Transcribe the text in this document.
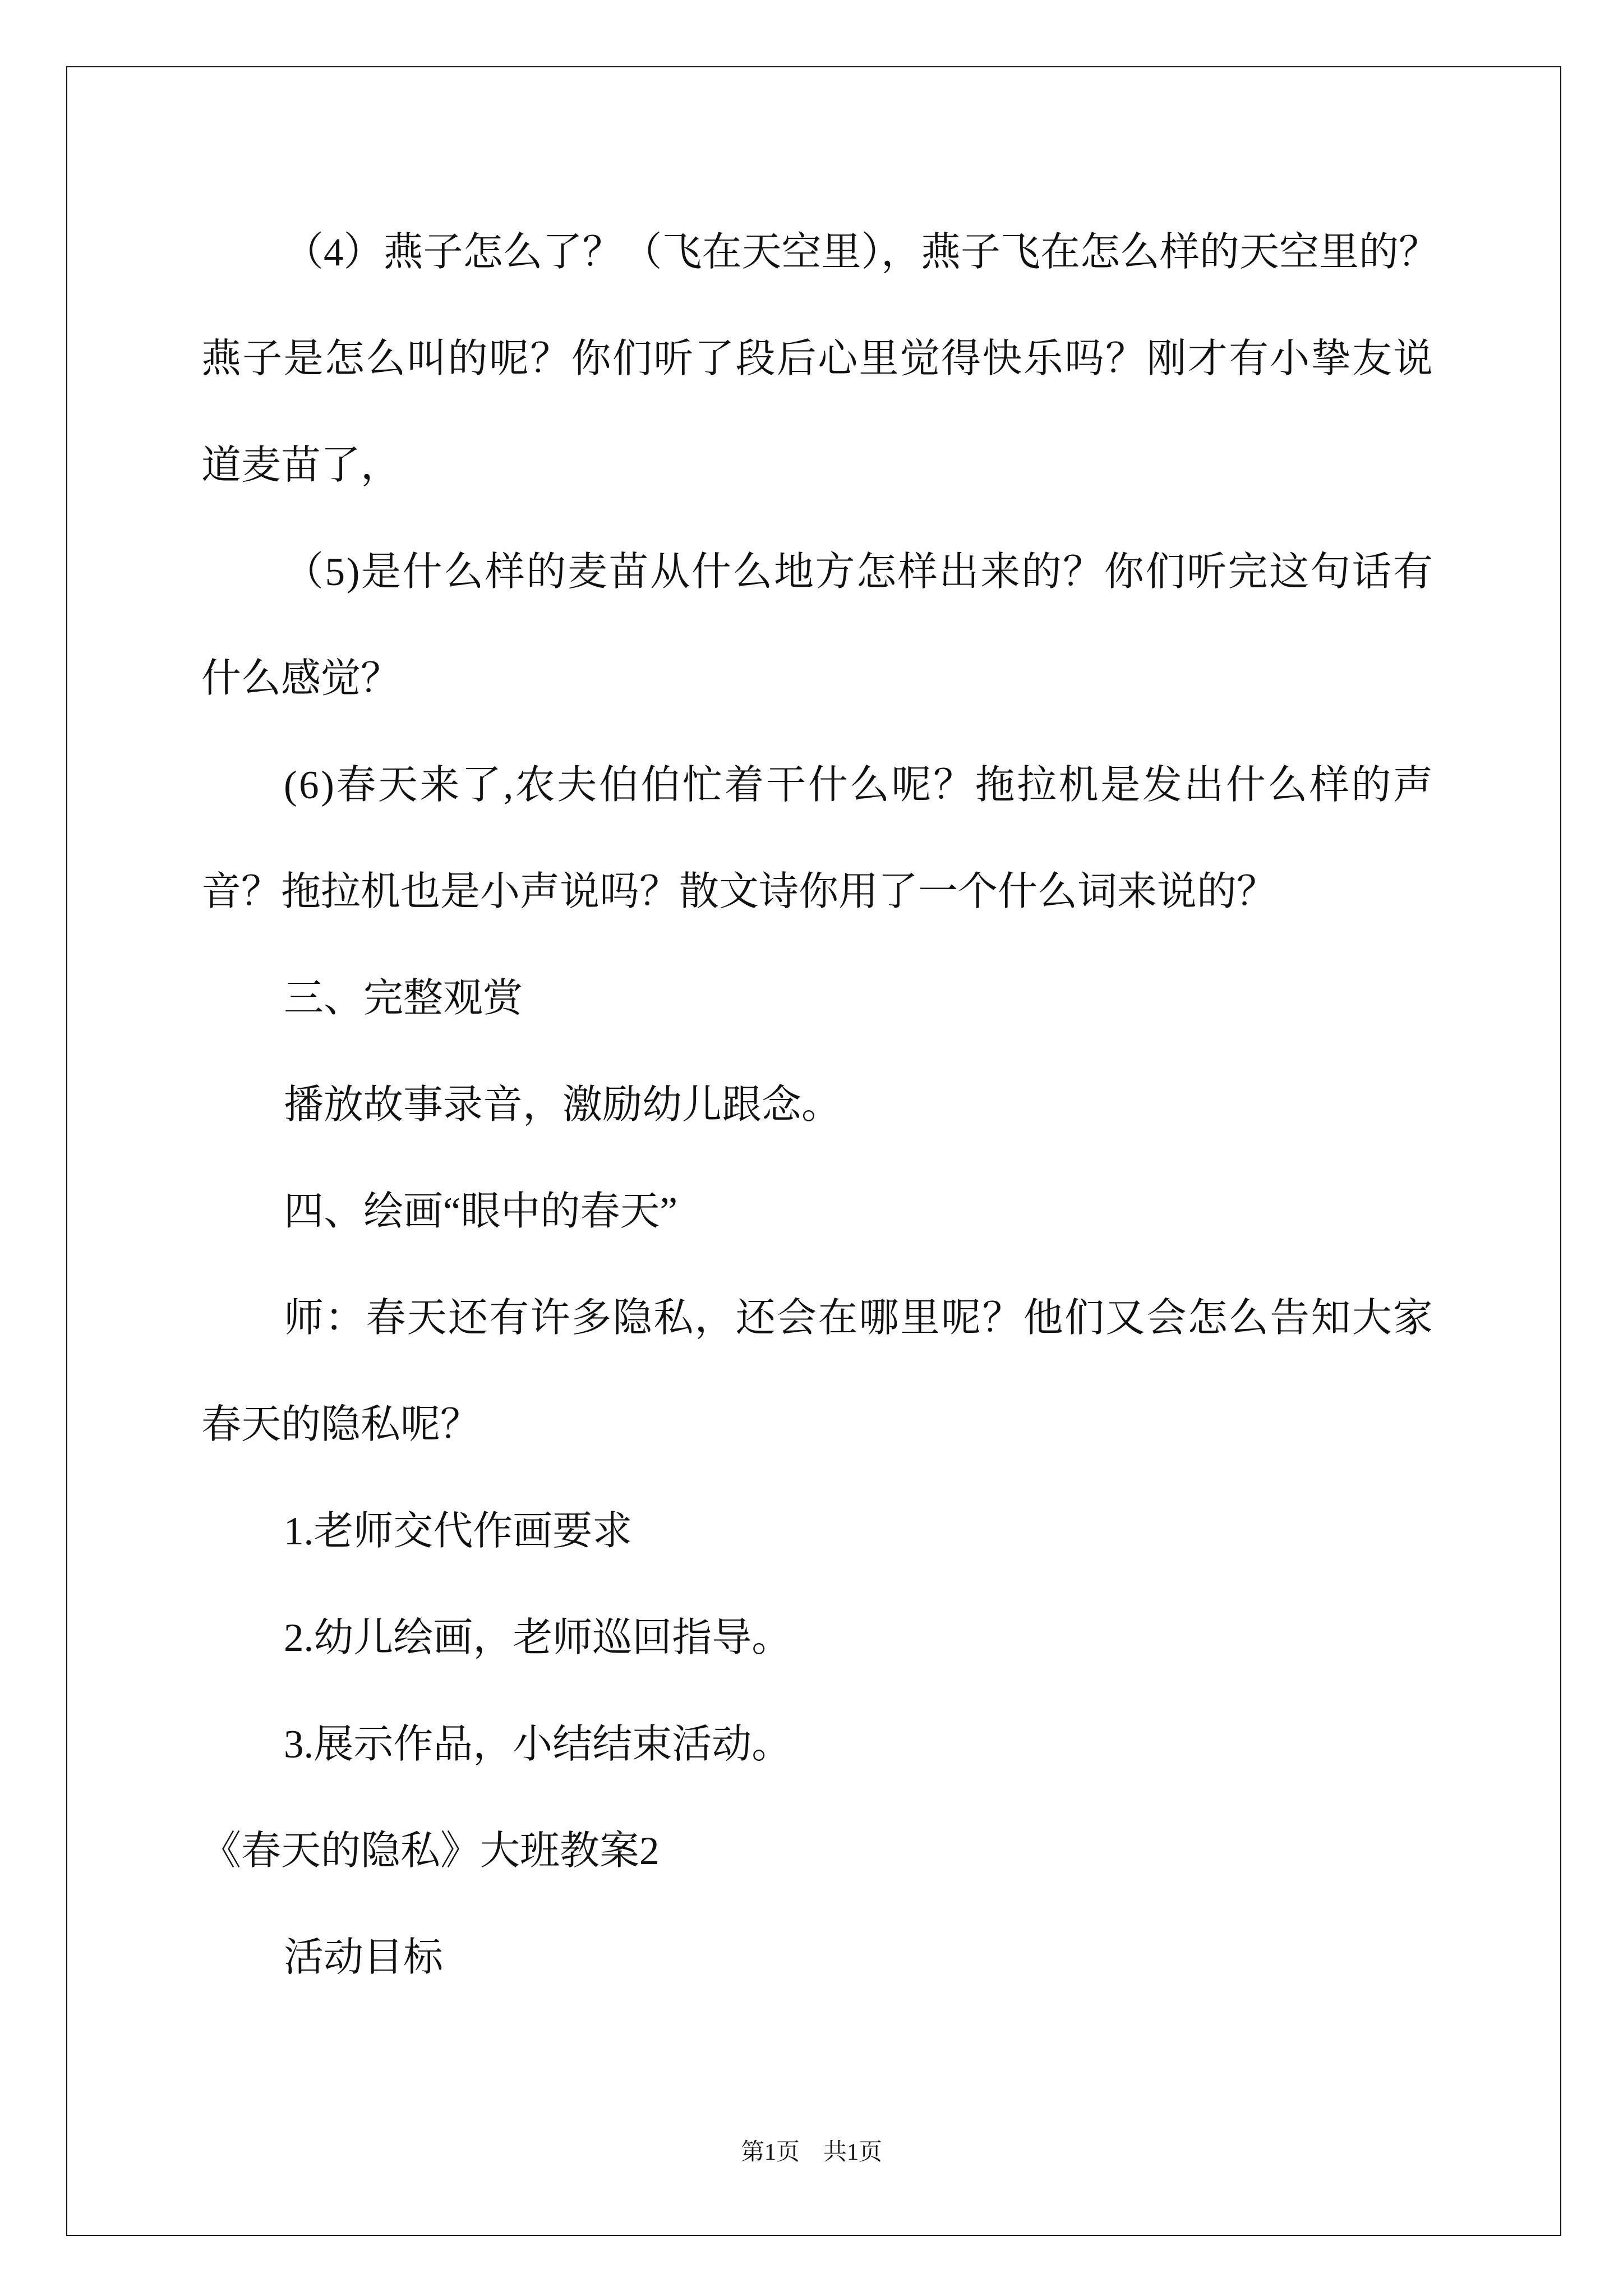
（4）燕子怎么了？（飞在天空里），燕子飞在怎么样的天空里的？
燕子是怎么叫的呢？你们听了段后心里觉得快乐吗？刚才有小挚友说
道麦苗了，
（5)是什么样的麦苗从什么地方怎样出来的？你们听完这句话有
什么感觉？
(6)春天来了,农夫伯伯忙着干什么呢？拖拉机是发出什么样的声
音？拖拉机也是小声说吗？散文诗你用了一个什么词来说的？
三、完整观赏
播放故事录音，激励幼儿跟念。
四、绘画“眼中的春天”
师：春天还有许多隐私，还会在哪里呢？他们又会怎么告知大家
春天的隐私呢？
1.老师交代作画要求
2.幼儿绘画，老师巡回指导。
3.展示作品，小结结束活动。
《春天的隐私》大班教案2
活动目标
第1页　共1页
